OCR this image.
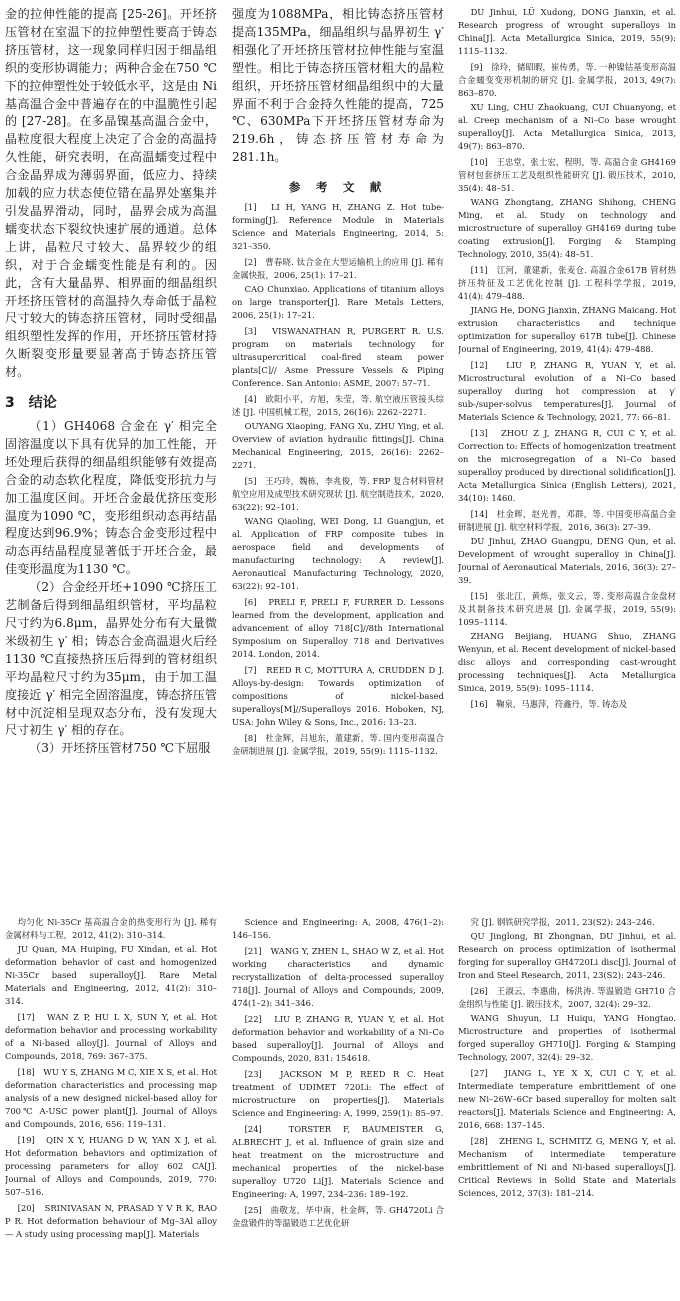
金的拉伸性能的提高 [25-26]。开坯挤压管材在室温下的拉伸塑性要高于铸态挤压管材，这一现象同样归因于细晶组织的变形协调能力；两种合金在750 ℃下的拉伸塑性处于较低水平，这是由 Ni 基高温合金中普遍存在的中温脆性引起的 [27-28]。在多晶镍基高温合金中，晶粒度很大程度上决定了合金的高温持久性能，研究表明，在高温蠕变过程中合金晶界成为薄弱界面，低应力、持续加载的应力状态使位错在晶界处塞集并引发晶界滑动，同时，晶界会成为高温蠕变状态下裂纹快速扩展的通道。总体上讲，晶粒尺寸较大、晶界较少的组织，对于合金蠕变性能是有利的。因此，含有大量晶界、相界面的细晶组织开坯挤压管材的高温持久寿命低于晶粒尺寸较大的铸态挤压管材，同时受细晶组织塑性发挥的作用，开坯挤压管材持久断裂变形量要显著高于铸态挤压管材。

3　结论

（1）GH4068 合金在 γ′ 相完全固溶温度以下具有优异的加工性能，开坯处理后获得的细晶组织能够有效提高合金的动态软化程度，降低变形抗力与加工温度区间。开坯合金最优挤压变形温度为1090 ℃，变形组织动态再结晶程度达到96.9%；铸态合金变形过程中动态再结晶程度显著低于开坯合金，最佳变形温度为1130 ℃。

（2）合金经开坯+1090 ℃挤压工艺制备后得到细晶组织管材，平均晶粒尺寸约为6.8μm，晶界处分布有大量微米级初生 γ′ 相；铸态合金高温退火后经1130 ℃直接热挤压后得到的管材组织平均晶粒尺寸约为35μm，由于加工温度接近 γ′ 相完全固溶温度，铸态挤压管材中沉淀相呈现双态分布，没有发现大尺寸初生 γ′ 相的存在。

（3）开坯挤压管材750 ℃下屈服

强度为1088MPa，相比铸态挤压管材提高135MPa，细晶组织与晶界初生 γ′ 相强化了开坯挤压管材拉伸性能与室温塑性。相比于铸态挤压管材粗大的晶粒组织，开坯挤压管材细晶组织中的大量界面不利于合金持久性能的提高，725 ℃、630MPa下开坯挤压管材寿命为219.6h，铸态挤压管材寿命为281.1h。

参 考 文 献

[1]　LI H, YANG H, ZHANG Z. Hot tube-forming[J]. Reference Module in Materials Science and Materials Engineering, 2014, 5: 321–350.

[2]　曹春晓. 钛合金在大型运输机上的应用 [J]. 稀有金属快报，2006, 25(1): 17–21.

CAO Chunxiao. Applications of titanium alloys on large transporter[J]. Rare Metals Letters, 2006, 25(1): 17–21.

[3]　VISWANATHAN R, PURGERT R. U.S. program on materials technology for ultrasupercritical coal-fired steam power plants[C]// Asme Pressure Vessels & Piping Conference. San Antonio: ASME, 2007: 57–71.

[4]　欧阳小平，方旭，朱莹，等. 航空液压管接头综述 [J]. 中国机械工程，2015, 26(16): 2262–2271.

OUYANG Xiaoping, FANG Xu, ZHU Ying, et al. Overview of aviation hydraulic fittings[J]. China Mechanical Engineering, 2015, 26(16): 2262–2271.

[5]　王巧玲，魏栋，李兆俊，等. FRP 复合材料管材航空应用及成型技术研究现状 [J]. 航空制造技术，2020, 63(22): 92–101.

WANG Qiaoling, WEI Dong, LI Guangjun, et al. Application of FRP composite tubes in aerospace field and developments of manufacturing technology: A review[J]. Aeronautical Manufacturing Technology, 2020, 63(22): 92–101.

[6]　PRELI F, PRELI F, FURRER D. Lessons learned from the development, application and advancement of alloy 718[C]//8th International Symposium on Superalloy 718 and Derivatives 2014. London, 2014.

[7]　REED R C, MOTTURA A, CRUDDEN D J. Alloys-by-design: Towards optimization of compositions of nickel-based superalloys[M]//Superalloys 2016. Hoboken, NJ, USA: John Wiley & Sons, Inc., 2016: 13–23.

[8]　杜金辉，吕旭东，董建新，等. 国内变形高温合金研制进展 [J]. 金属学报，2019, 55(9): 1115–1132.

DU Jinhui, LÜ Xudong, DONG Jianxin, et al. Research progress of wrought superalloys in China[J]. Acta Metallurgica Sinica, 2019, 55(9): 1115–1132.

[9]　徐玲，储昭暇，崔传勇，等. 一种镍钴基变形高温合金蠕变变形机制的研究 [J]. 金属学报，2013, 49(7): 863–870.

XU Ling, CHU Zhaokuang, CUI Chuanyong, et al. Creep mechanism of a Ni–Co base wrought superalloy[J]. Acta Metallurgica Sinica, 2013, 49(7): 863–870.

[10]　王忠堂，张士宏，程明，等. 高温合金 GH4169 管材包套挤压工艺及组织性能研究 [J]. 锻压技术，2010, 35(4): 48–51.

WANG Zhongtang, ZHANG Shihong, CHENG Ming, et al. Study on technology and microstructure of superalloy GH4169 during tube coating extrusion[J]. Forging & Stamping Technology, 2010, 35(4): 48–51.

[11]　江河，董建新，张麦仓. 高温合金617B 管材热挤压特征及工艺优化控制 [J]. 工程科学学报，2019, 41(4): 479–488.

JIANG He, DONG Jianxin, ZHANG Maicang. Hot extrusion characteristics and technique optimization for superalloy 617B tube[J]. Chinese Journal of Engineering, 2019, 41(4): 479–488.

[12]　LIU P, ZHANG R, YUAN Y, et al. Microstructural evolution of a Ni–Co based superalloy during hot compression at γ′ sub-/super-solvus temperatures[J]. Journal of Materials Science & Technology, 2021, 77: 66–81.

[13]　ZHOU Z J, ZHANG R, CUI C Y, et al. Correction to: Effects of homogenization treatment on the microsegregation of a Ni–Co based superalloy produced by directional solidification[J]. Acta Metallurgica Sinica (English Letters), 2021, 34(10): 1460.

[14]　杜金辉，赵光普，邓群，等. 中国变形高温合金研制进展 [J]. 航空材料学报，2016, 36(3): 27–39.

DU Jinhui, ZHAO Guangpu, DENG Qun, et al. Development of wrought superalloy in China[J]. Journal of Aeronautical Materials, 2016, 36(3): 27–39.

[15]　张北江，黄烁，张文云，等. 变形高温合金盘材及其制备技术研究进展 [J]. 金属学报，2019, 55(9): 1095–1114.

ZHANG Beijiang, HUANG Shuo, ZHANG Wenyun, et al. Recent development of nickel-based disc alloys and corresponding cast-wrought processing techniques[J]. Acta Metallurgica Sinica, 2019, 55(9): 1095–1114.

[16]　鞠泉，马惠萍，符鑫丹，等. 铸态及

均匀化 Ni-35Cr 基高温合金的热变形行为 [J]. 稀有金属材料与工程，2012, 41(2): 310–314.

JU Quan, MA Huiping, FU Xindan, et al. Hot deformation behavior of cast and homogenized Ni-35Cr based superalloy[J]. Rare Metal Materials and Engineering, 2012, 41(2): 310–314.

[17]　WAN Z P, HU L X, SUN Y, et al. Hot deformation behavior and processing workability of a Ni-based alloy[J]. Journal of Alloys and Compounds, 2018, 769: 367–375.

[18]　WU Y S, ZHANG M C, XIE X S, et al. Hot deformation characteristics and processing map analysis of a new designed nickel-based alloy for 700℃ A-USC power plant[J]. Journal of Alloys and Compounds, 2016, 656: 119–131.

[19]　QIN X Y, HUANG D W, YAN X J, et al. Hot deformation behaviors and optimization of processing parameters for alloy 602 CA[J]. Journal of Alloys and Compounds, 2019, 770: 507–516.

[20]　SRINIVASAN N, PRASAD Y V R K, RAO P R. Hot deformation behaviour of Mg–3Al alloy— A study using processing map[J]. Materials

Science and Engineering: A, 2008, 476(1–2): 146–156.

[21]　WANG Y, ZHEN L, SHAO W Z, et al. Hot working characteristics and dynamic recrystallization of delta-processed superalloy 718[J]. Journal of Alloys and Compounds, 2009, 474(1–2): 341–346.

[22]　LIU P, ZHANG R, YUAN Y, et al. Hot deformation behavior and workability of a Ni–Co based superalloy[J]. Journal of Alloys and Compounds, 2020, 831: 154618.

[23]　JACKSON M P, REED R C. Heat treatment of UDIMET 720Li: The effect of microstructure on properties[J]. Materials Science and Engineering: A, 1999, 259(1): 85–97.

[24]　TORSTER F, BAUMEISTER G, ALBRECHT J, et al. Influence of grain size and heat treatment on the microstructure and mechanical properties of the nickel-base superalloy U720 Li[J]. Materials Science and Engineering: A, 1997, 234–236: 189–192.

[25]　曲敬龙，毕中南，杜金辉，等. GH4720Li 合金盘锻件的等温锻造工艺优化研

究 [J]. 钢铁研究学报，2011, 23(S2): 243–246.

QU Jinglong, BI Zhongnan, DU Jinhui, et al. Research on process optimization of isothermal forging for superalloy GH4720Li disc[J]. Journal of Iron and Steel Research, 2011, 23(S2): 243–246.

[26]　王淑云，李惠曲，杨洪涛. 等温锻造 GH710 合金组织与性能 [J]. 锻压技术，2007, 32(4): 29–32.

WANG Shuyun, LI Huiqu, YANG Hongtao. Microstructure and properties of isothermal forged superalloy GH710[J]. Forging & Stamping Technology, 2007, 32(4): 29–32.

[27]　JIANG L, YE X X, CUI C Y, et al. Intermediate temperature embrittlement of one new Ni–26W–6Cr based superalloy for molten salt reactors[J]. Materials Science and Engineering: A, 2016, 668: 137–145.

[28]　ZHENG L, SCHMITZ G, MENG Y, et al. Mechanism of intermediate temperature embrittlement of Ni and Ni-based superalloys[J]. Critical Reviews in Solid State and Materials Sciences, 2012, 37(3): 181–214.
